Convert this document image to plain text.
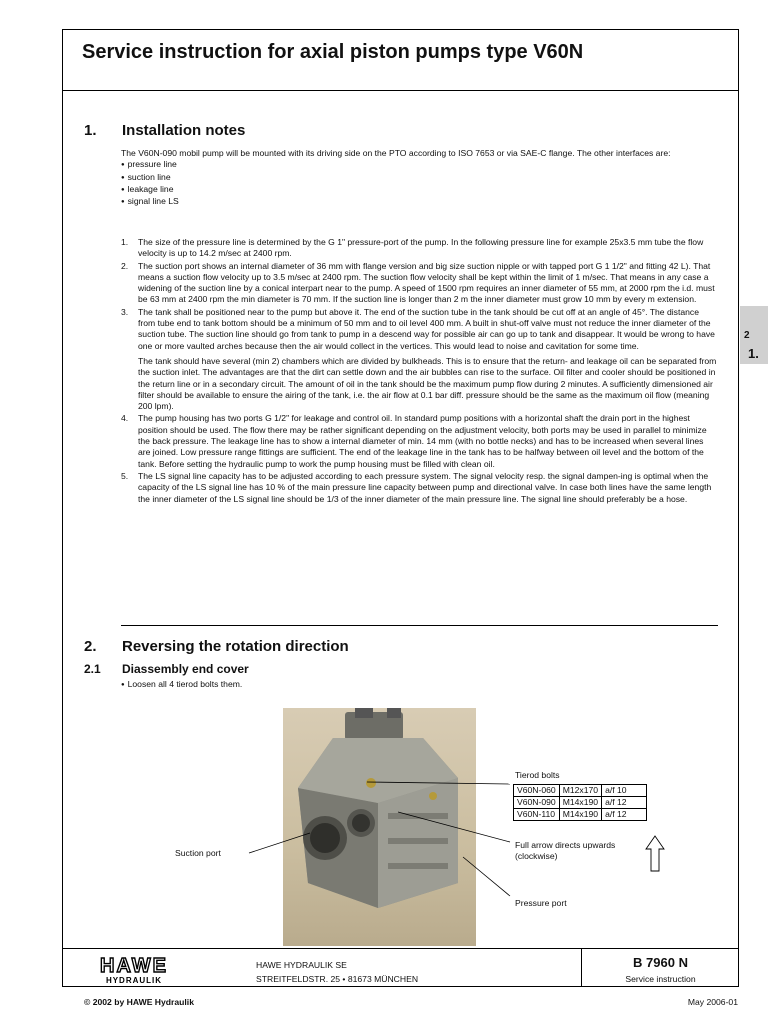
Service instruction for axial piston pumps type V60N
1.
2
1. Installation notes

The V60N-090 mobil pump will be mounted with its driving side on the PTO according to ISO 7653 or via SAE-C flange. The other interfaces are:

● pressure line
● suction line
● leakage line
● signal line LS
1. The size of the pressure line is determined by the G 1" pressure-port of the pump. In the following pressure line for example 25x3.5 mm tube the flow velocity is up to 14.2 m/sec at 2400 rpm.

2. The suction port shows an internal diameter of 36 mm with flange version and big size suction nipple or with tapped port G 1 1/2" and fitting 42 L). That means a suction flow velocity up to 3.5 m/sec at 2400 rpm. The suction flow velocity shall be kept within the limit of 1 m/sec. That means in any case a widening of the suction line by a conical interpart near to the pump. A speed of 1500 rpm requires an inner diameter of 55 mm, at 2000 rpm the i.d. must be 63 mm at 2400 rpm the min diameter is 70 mm. If the suction line is longer than 2 m the inner diameter must grow 10 mm by every m extension.

3. The tank shall be positioned near to the pump but above it. The end of the suction tube in the tank should be cut off at an angle of 45°. The distance from tube end to tank bottom should be a minimum of 50 mm and to oil level 400 mm. A built in shut-off valve must not reduce the inner diameter of the suction tube. The suction line should go from tank to pump in a descend way for possible air can go up to tank and disappear. It would be wrong to have one or more vaulted arches because then the air would collect in the vertices. This would lead to noise and cavitation for some time.

The tank should have several (min 2) chambers which are divided by bulkheads. This is to ensure that the return- and leakage oil can be separated from the suction inlet. The advantages are that the dirt can settle down and the air bubbles can rise to the surface. Oil filter and cooler should be positioned in the return line or in a secondary circuit. The amount of oil in the tank should be the maximum pump flow during 2 minutes. A sufficiently dimensioned air filter should be available to ensure the airing of the tank, i.e. the air flow at 0.1 bar diff. pressure should be the same as the maximum oil flow (meaning 200 lpm).

4. The pump housing has two ports G 1/2" for leakage and control oil. In standard pump positions with a horizontal shaft the drain port in the highest position should be used. The flow there may be rather significant depending on the adjustment velocity, both ports may be used in parallel to minimize the back pressure. The leakage line has to show a internal diameter of min. 14 mm (with no bottle necks) and has to be increased when several lines are joined. Low pressure range fittings are sufficient. The end of the leakage line in the tank has to be halfway between oil level and the bottom of the tank. Before setting the hydraulic pump to work the pump housing must be filled with clean oil.

5. The LS signal line capacity has to be adjusted according to each pressure system. The signal velocity resp. the signal dampen-ing is optimal when the capacity of the LS signal line has 10 % of the main pressure line capacity between pump and directional valve. In case both lines have the same length the inner diameter of the LS signal line should be 1/3 of the inner diameter of the main pressure line. The signal line should preferably be a hose.

2. Reversing the rotation direction
2.1 Diassembly end cover
● Loosen all 4 tierod bolts them.
Tierod bolts
V60N-060	M12x170	a/f 10
V60N-090	M14x190	a/f 12
V60N-110	M14x190	a/f 12
Full arrow directs upwards
(clockwise)
Suction port
Pressure port
HAWE
HYDRAULIK
HAWE HYDRAULIK SE
STREITFELDSTR. 25 • 81673 MÜNCHEN
B 7960 N
Service instruction
© 2002 by HAWE Hydraulik	May 2006-01
